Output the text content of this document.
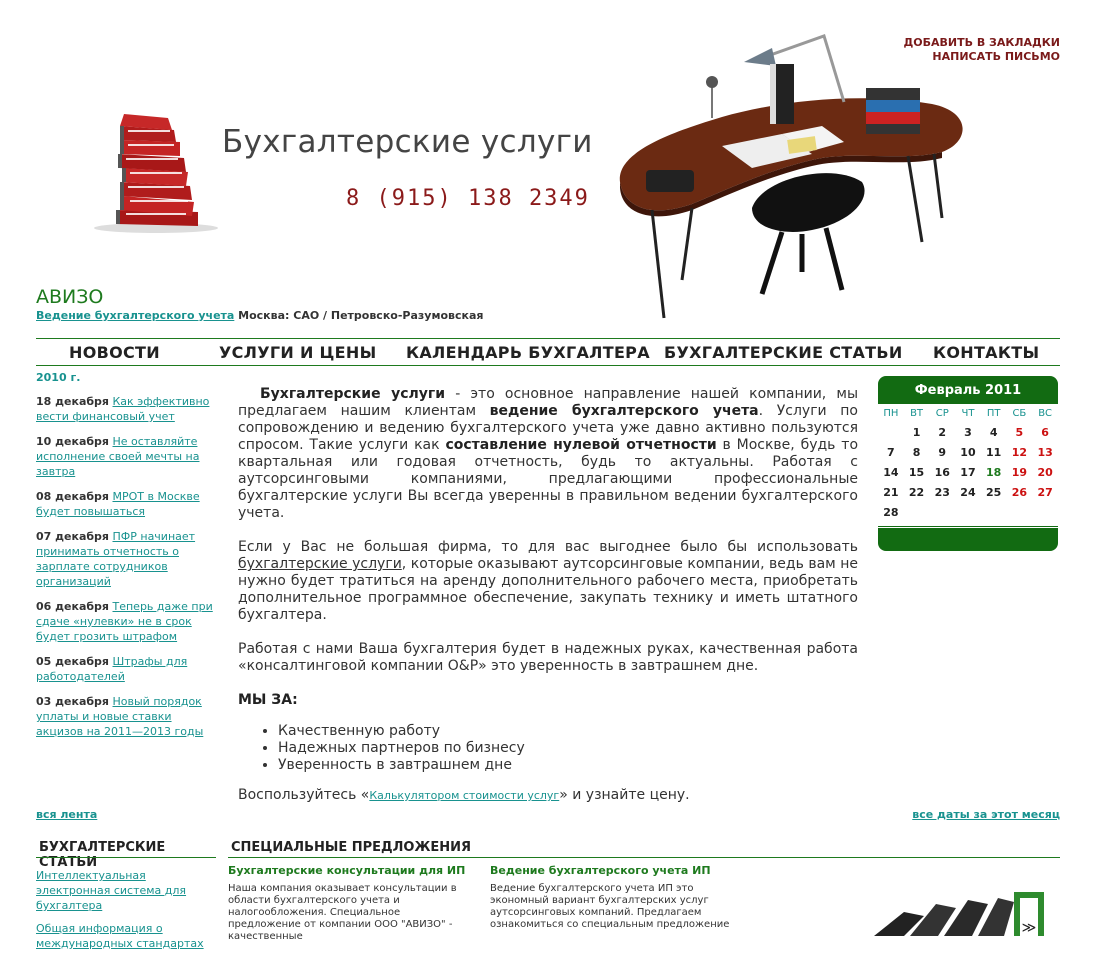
Бухгалтерские услуги
8 (915) 138 2349
ДОБАВИТЬ В ЗАКЛАДКИ
НАПИСАТЬ ПИСЬМО
АВИЗО
Ведение бухгалтерского учета Москва: САО / Петровско-Разумовская
НОВОСТИ	УСЛУГИ И ЦЕНЫ КАЛЕНДАРЬ БУХГАЛТЕРА БУХГАЛТЕРСКИЕ СТАТЬИ КОНТАКТЫ
2010 г.
18 декабря Как эффективно вести финансовый учет
10 декабря Не оставляйте исполнение своей мечты на завтра
08 декабря МРОТ в Москве будет повышаться
07 декабря ПФР начинает принимать отчетность о зарплате сотрудников организаций
06 декабря Теперь даже при сдаче «нулевки» не в срок будет грозить штрафом
05 декабря Штрафы для работодателей
03 декабря Новый порядок уплаты и новые ставки акцизов на 2011—2013 годы

Бухгалтерские услуги - это основное направление нашей компании, мы предлагаем нашим клиентам ведение бухгалтерского учета. Услуги по сопровождению и ведению бухгалтерского учета уже давно активно пользуются спросом. Такие услуги как составление нулевой отчетности в Москве, будь то квартальная или годовая отчетность, будь то актуальны. Работая с аутсорсинговыми компаниями, предлагающими профессиональные бухгалтерские услуги Вы всегда уверенны в правильном ведении бухгалтерского учета.

Если у Вас не большая фирма, то для вас выгоднее было бы использовать бухгалтерские услуги, которые оказывают аутсорсинговые компании, ведь вам не нужно будет тратиться на аренду дополнительного рабочего места, приобретать дополнительное программное обеспечение, закупать технику и иметь штатного бухгалтера.

Работая с нами Ваша бухгалтерия будет в надежных руках, качественная работа «консалтинговой компании О&Р» это уверенность в завтрашнем дне.

МЫ ЗА:
• Качественную работу
• Надежных партнеров по бизнесу
• Уверенность в завтрашнем дне

Воспользуйтесь «Калькулятором стоимости услуг» и узнайте цену.

Февраль 2011
ПН	ВТ	СР	ЧТ	ПТ	СБ	ВС
	1	2	3	4	5	6
7	8	9	10	11	12	13
14	15	16	17	18	19	20
21	22	23	24	25	26	27
28						
вся лента	все даты за этот месяц
БУХГАЛТЕРСКИЕ СТАТЬИ
Интеллектуальная электронная система для бухгалтера
Общая информация о международных стандартах
СПЕЦИАЛЬНЫЕ ПРЕДЛОЖЕНИЯ
Бухгалтерские консультации для ИП
Наша компания оказывает консультации в области бухгалтерского учета и налогообложения. Специальное предложение от компании ООО "АВИЗО" - качественные
Ведение бухгалтерского учета ИП
Ведение бухгалтерского учета ИП это экономный вариант бухгалтерских услуг аутсорсинговых компаний. Предлагаем ознакомиться со специальным предложение	≫
